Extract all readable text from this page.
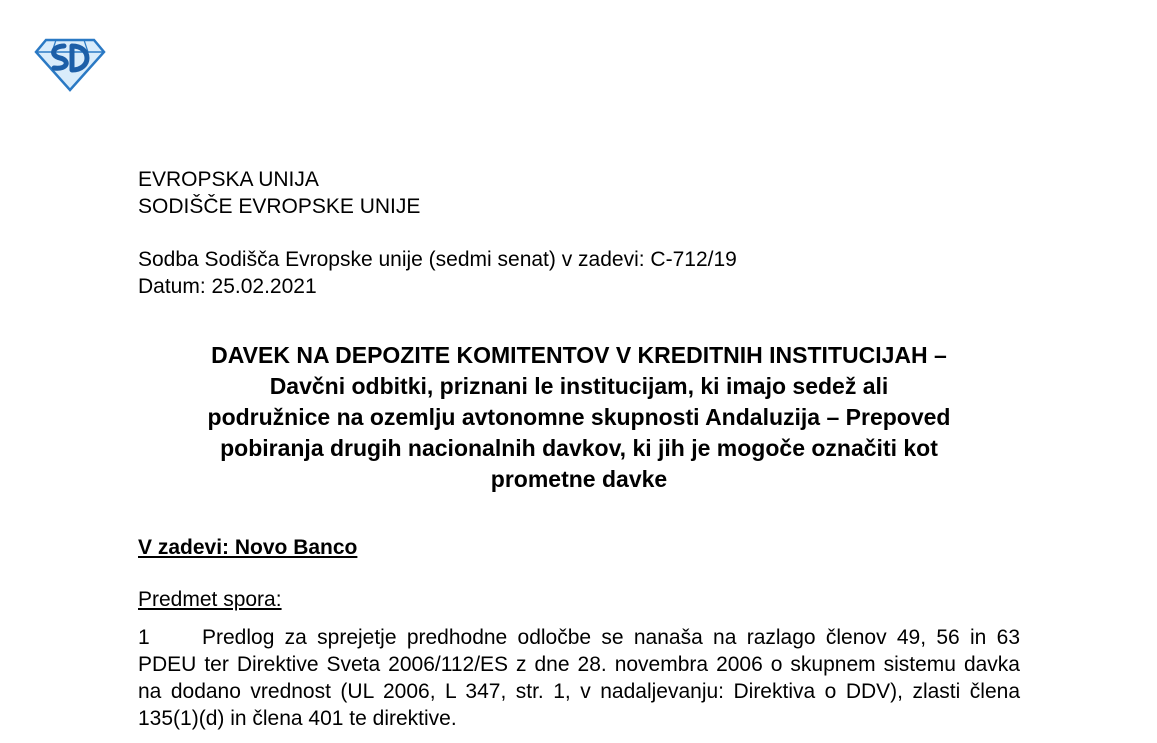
EVROPSKA UNIJA
SODIŠČE EVROPSKE UNIJE
Sodba Sodišča Evropske unije (sedmi senat) v zadevi: C-712/19
Datum: 25.02.2021
DAVEK NA DEPOZITE KOMITENTOV V KREDITNIH INSTITUCIJAH –
Davčni odbitki, priznani le institucijam, ki imajo sedež ali
podružnice na ozemlju avtonomne skupnosti Andaluzija – Prepoved
pobiranja drugih nacionalnih davkov, ki jih je mogoče označiti kot
prometne davke
V zadevi: Novo Banco
Predmet spora:
1 Predlog za sprejetje predhodne odločbe se nanaša na razlago členov 49, 56 in 63 PDEU ter Direktive Sveta 2006/112/ES z dne 28. novembra 2006 o skupnem sistemu davka na dodano vrednost (UL 2006, L 347, str. 1, v nadaljevanju: Direktiva o DDV), zlasti člena 135(1)(d) in člena 401 te direktive.
